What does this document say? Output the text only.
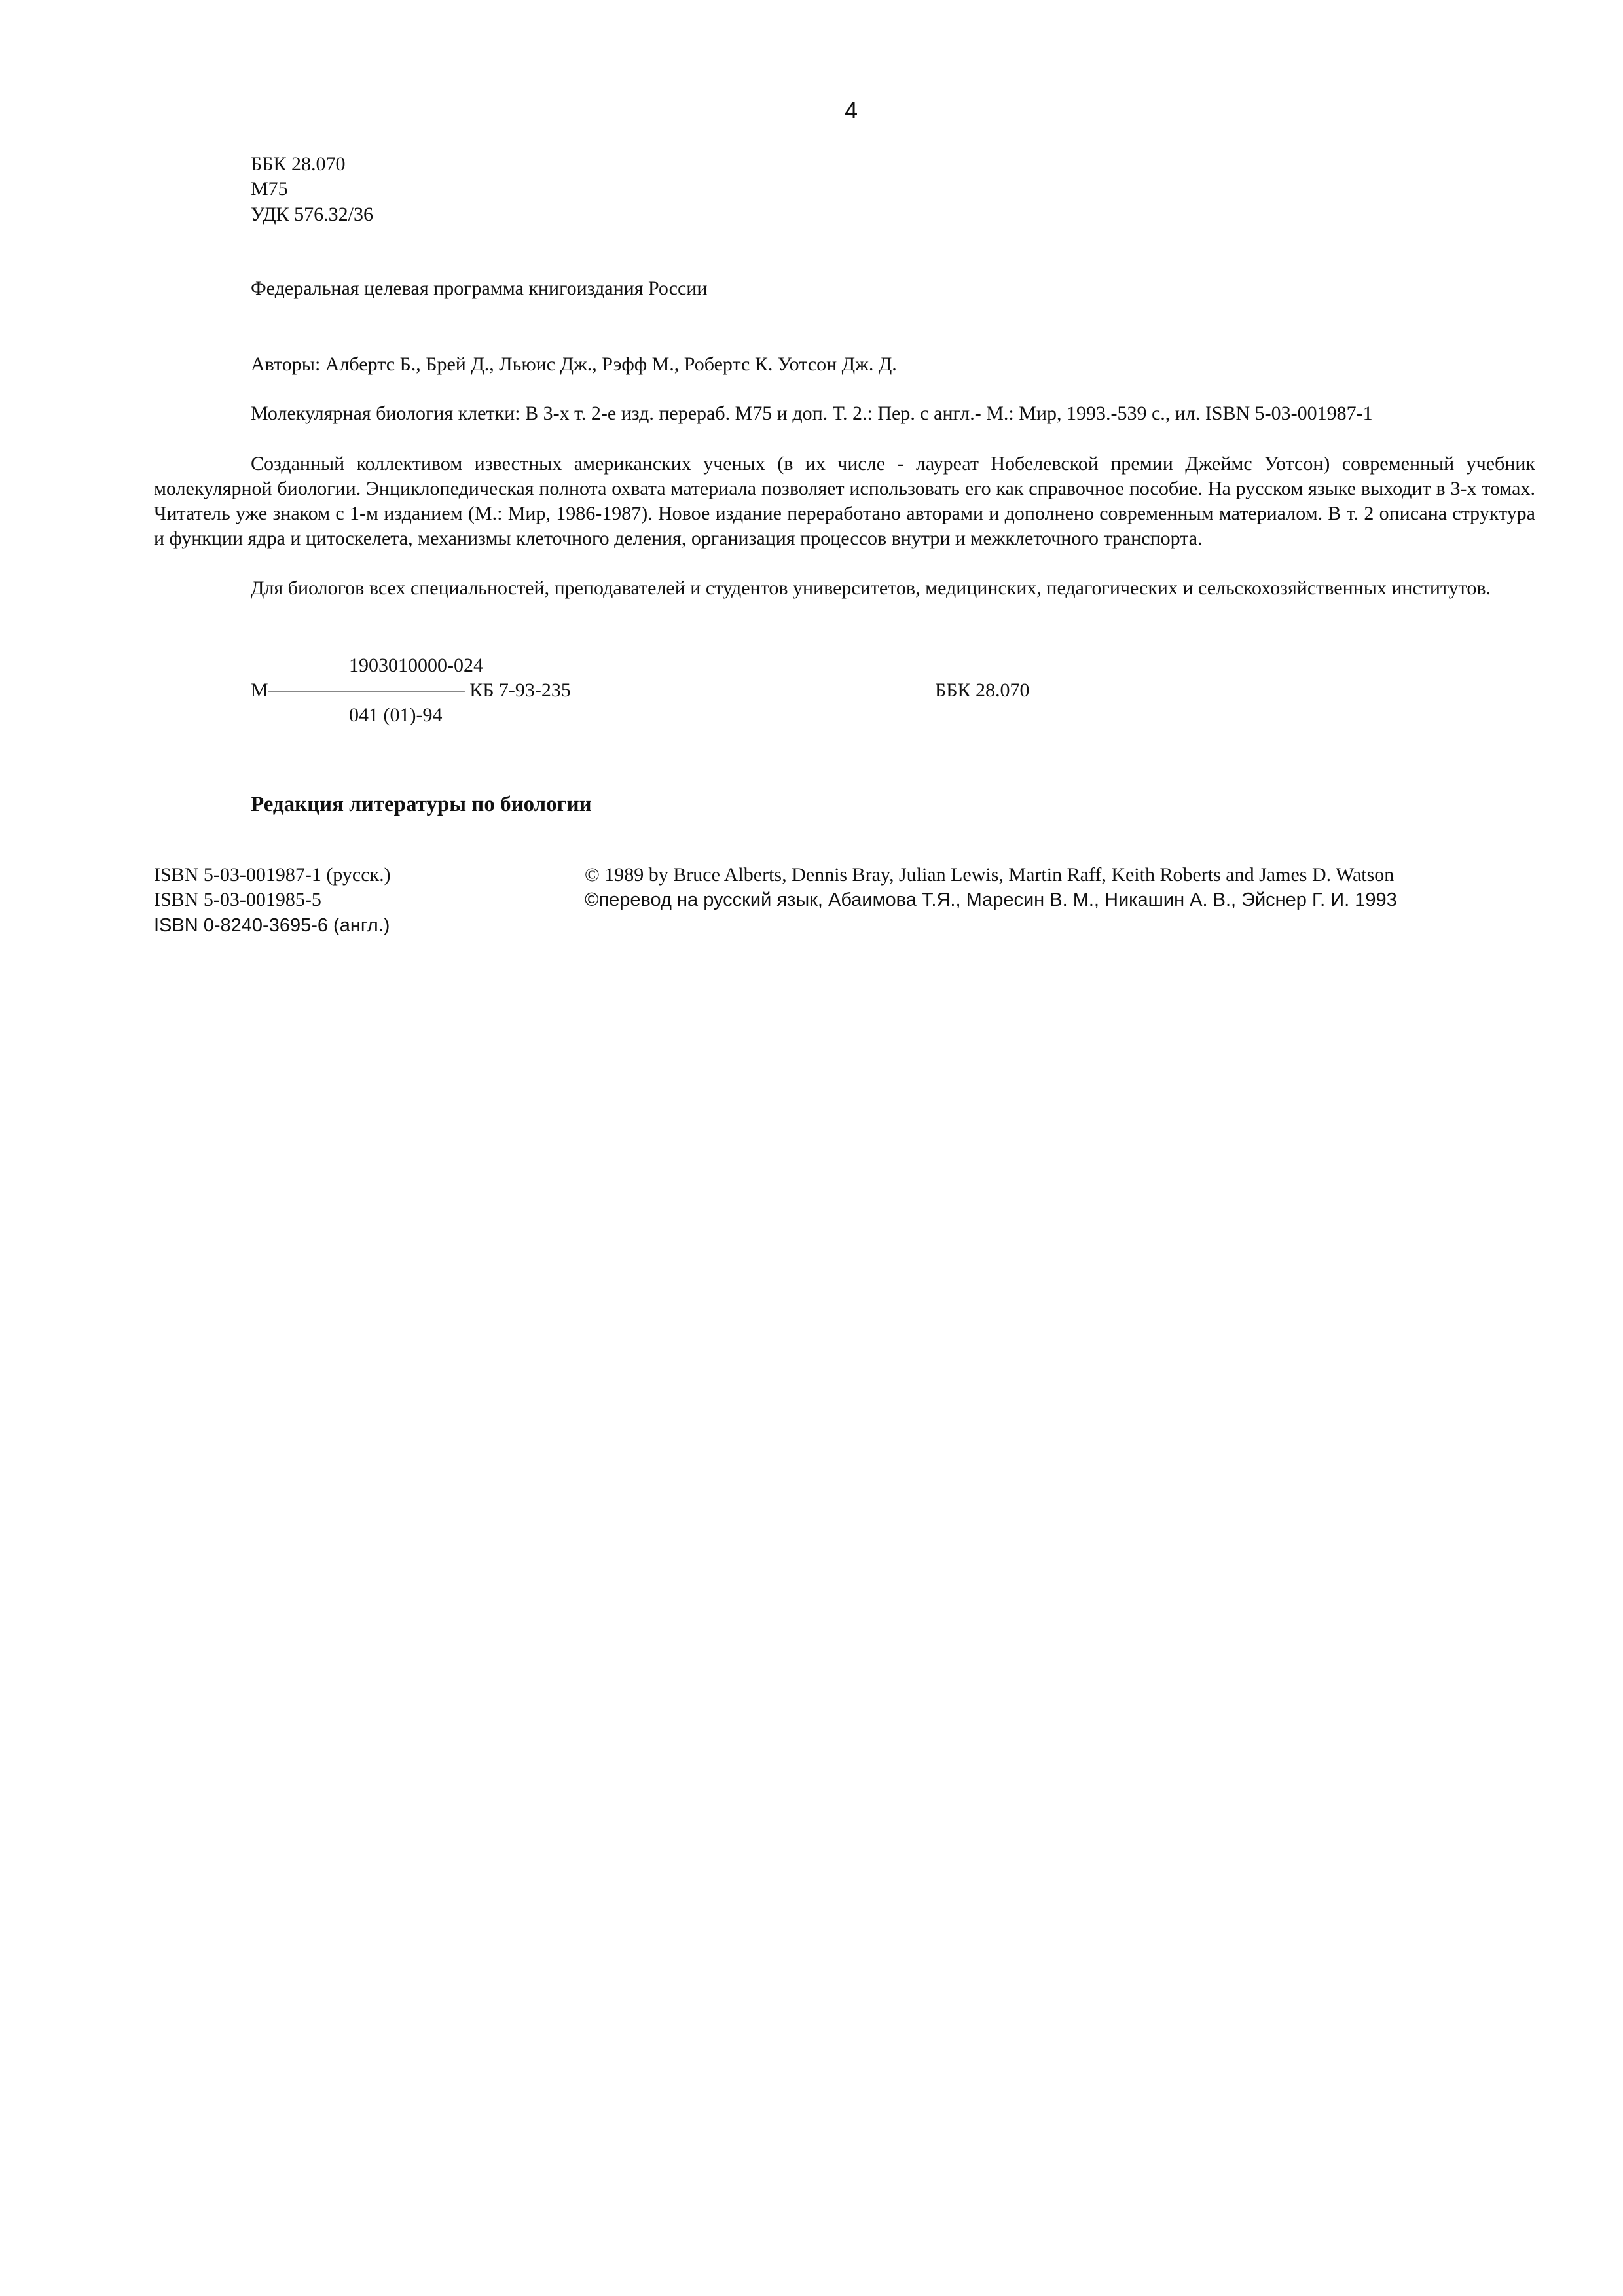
4
ББК 28.070
М75
УДК 576.32/36
Федеральная целевая программа книгоиздания России
Авторы: Албертс Б., Брей Д., Льюис Дж., Рэфф М., Робертс К. Уотсон Дж. Д.
Молекулярная биология клетки: В 3-х т. 2-е изд. перераб. М75 и доп. Т. 2.: Пер. с англ.- М.: Мир, 1993.-539 с., ил. ISBN 5-03-001987-1
Созданный коллективом известных американских ученых (в их числе - лауреат Нобелевской премии Джеймс Уотсон) современный учебник молекулярной биологии. Энциклопедическая полнота охвата материала позволяет использовать его как справочное пособие. На русском языке выходит в 3-х томах. Читатель уже знаком с 1-м изданием (М.: Мир, 1986-1987). Новое издание переработано авторами и дополнено современным материалом. В т. 2 описана структура и функции ядра и цитоскелета, механизмы клеточного деления, организация процессов внутри и межклеточного транспорта.
Для биологов всех специальностей, преподавателей и студентов университетов, медицинских, педагогических и сельскохозяйственных институтов.
1903010000-024
М—————————— КБ 7-93-235
041 (01)-94
ББК 28.070
Редакция литературы по биологии
ISBN 5-03-001987-1 (русск.)
ISBN 5-03-001985-5
ISBN 0-8240-3695-6 (англ.)
© 1989 by Bruce Alberts, Dennis Bray, Julian Lewis, Martin Raff, Keith Roberts and James D. Watson
©перевод на русский язык, Абаимова Т.Я., Маресин В. М., Никашин А. В., Эйснер Г. И. 1993
